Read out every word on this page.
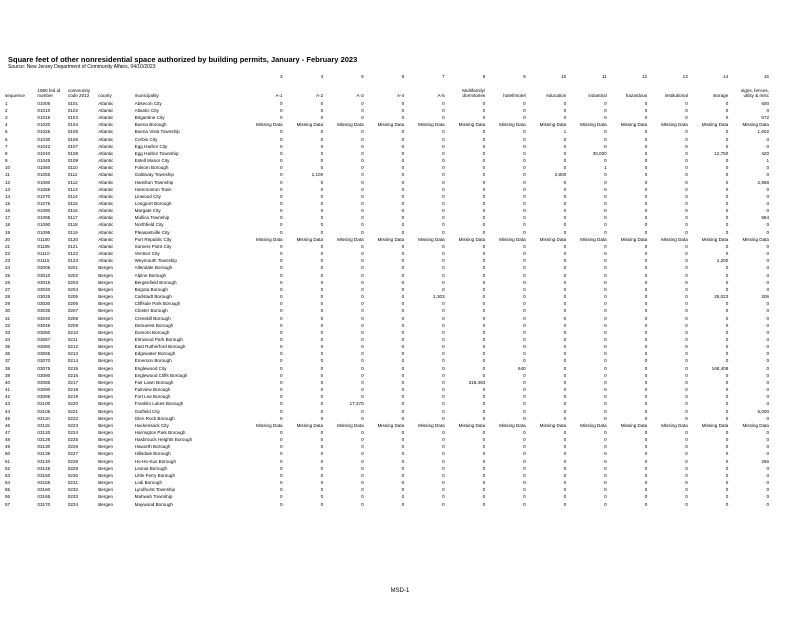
Square feet of other nonresidential space authorized by building permits, January - February 2023
Source: New Jersey Department of Community Affairs, 04/10/2023
					3	4	5	6	7	8	9	10	11	12	13	14	15
sequence	1980 fed id number	community code 2012	county	municipality	A-1	A-2	A-3	A-4	A-5	Multifamily/ dormitories	hotel/motel	education	industrial	hazardous	institutional	storage	signs, fences, utility & misc
1	01005	0101	Atlantic	Absecon City	0	0	0	0	0	0	0	0	0	0	0	0	600
2	01010	0102	Atlantic	Atlantic City	0	0	0	0	0	0	0	0	0	0	0	0	0
3	01015	0103	Atlantic	Brigantine City	0	0	0	0	0	0	0	0	0	0	0	0	672
4	01020	0104	Atlantic	Buena Borough	Missing Data	Missing Data	Missing Data	Missing Data	Missing Data	Missing Data	Missing Data	Missing Data	Missing Data	Missing Data	Missing Data	Missing Data	Missing Data
5	01025	0105	Atlantic	Buena Vista Township	0	0	0	0	0	0	0	1	0	0	0	0	1,602
6	01030	0106	Atlantic	Corbin City	0	0	0	0	0	0	0	0	0	0	0	0	0
7	01042	0107	Atlantic	Egg Harbor City	0	0	0	0	0	0	0	0	0	0	0	0	0
8	01040	0108	Atlantic	Egg Harbor Township	0	0	0	0	0	0	0	0	30,000	0	0	12,750	420
9	01045	0109	Atlantic	Estell Manor City	0	0	0	0	0	0	0	0	0	0	0	0	1
10	01050	0110	Atlantic	Folsom Borough	0	0	0	0	0	0	0	0	1	0	0	0	0
11	01055	0111	Atlantic	Galloway Township	0	1,100	0	0	0	0	0	2,800	0	0	0	0	0
12	01060	0112	Atlantic	Hamilton Township	0	0	0	0	0	0	0	0	0	0	0	0	2,968
13	01065	0113	Atlantic	Hammonton Town	0	0	0	0	0	0	0	0	0	0	0	0	0
14	01070	0114	Atlantic	Linwood City	0	0	0	0	0	0	0	0	0	0	0	0	0
15	01075	0115	Atlantic	Longport Borough	0	0	0	0	0	0	0	0	0	0	0	0	0
16	01080	0116	Atlantic	Margate City	0	0	0	0	0	0	0	0	0	0	0	0	0
17	01085	0117	Atlantic	Mullica Township	0	0	0	0	0	0	0	0	0	0	0	0	984
18	01090	0118	Atlantic	Northfield City	0	0	0	0	0	0	0	0	0	0	0	0	0
19	01095	0119	Atlantic	Pleasantville City	0	0	0	0	0	0	0	0	0	0	0	0	0
20	01100	0120	Atlantic	Port Republic City	Missing Data	Missing Data	Missing Data	Missing Data	Missing Data	Missing Data	Missing Data	Missing Data	Missing Data	Missing Data	Missing Data	Missing Data	Missing Data
21	01105	0121	Atlantic	Somers Point City	0	0	0	0	0	0	0	0	0	0	0	0	0
22	01110	0122	Atlantic	Ventnor City	0	0	0	0	0	0	0	0	0	0	0	0	0
23	01115	0123	Atlantic	Weymouth Township	0	0	0	0	0	0	0	0	0	0	0	1,200	0
24	03005	0201	Bergen	Allendale Borough	0	0	0	0	0	0	0	0	0	0	0	0	0
25	03010	0202	Bergen	Alpine Borough	0	0	0	0	0	0	0	0	0	0	0	0	0
26	03015	0203	Bergen	Bergenfield Borough	0	0	0	0	0	0	0	0	0	0	0	0	0
27	03020	0204	Bergen	Bogota Borough	0	0	0	0	0	0	0	0	0	0	0	0	0
28	03025	0205	Bergen	Carlstadt Borough	0	0	0	0	1,303	0	0	0	0	0	0	25,023	206
29	03030	0206	Bergen	Cliffside Park Borough	0	0	0	0	0	0	0	0	0	0	0	0	0
30	03035	0207	Bergen	Closter Borough	0	0	0	0	0	0	0	0	0	0	0	0	0
31	03040	0208	Bergen	Cresskill Borough	0	0	0	0	0	0	0	0	0	0	0	0	0
32	03045	0209	Bergen	Demarest Borough	0	0	0	0	0	0	0	0	0	0	0	0	0
33	03050	0210	Bergen	Dumont Borough	0	0	0	0	0	0	0	0	0	0	0	0	0
34	03067	0211	Bergen	Elmwood Park Borough	0	0	0	0	0	0	0	0	0	0	0	0	0
35	03060	0212	Bergen	East Rutherford Borough	0	0	0	0	0	0	0	0	0	0	0	0	0
36	03065	0213	Bergen	Edgewater Borough	0	0	0	0	0	0	0	0	0	0	0	0	0
37	03070	0214	Bergen	Emerson Borough	0	0	0	0	0	0	0	0	0	0	0	0	0
38	03075	0215	Bergen	Englewood City	0	0	0	0	0	0	640	0	0	0	0	168,408	0
39	03080	0216	Bergen	Englewood Cliffs Borough	0	0	0	0	0	0	0	0	0	0	0	0	0
40	03085	0217	Bergen	Fair Lawn Borough	0	0	0	0	0	315,493	0	0	0	0	0	0	0
41	03090	0218	Bergen	Fairview Borough	0	0	0	0	0	0	0	0	0	0	0	0	0
42	03095	0219	Bergen	Fort Lee Borough	0	0	0	0	0	0	0	0	0	0	0	0	0
43	03100	0220	Bergen	Franklin Lakes Borough	0	0	17,470	0	0	0	0	0	0	0	0	0	0
44	03105	0221	Bergen	Garfield City	0	0	0	0	0	0	0	0	0	0	0	0	5,000
45	03110	0222	Bergen	Glen Rock Borough	0	0	0	0	0	0	0	0	0	0	0	0	0
46	03115	0223	Bergen	Hackensack City	Missing Data	Missing Data	Missing Data	Missing Data	Missing Data	Missing Data	Missing Data	Missing Data	Missing Data	Missing Data	Missing Data	Missing Data	Missing Data
47	03120	0224	Bergen	Harrington Park Borough	0	0	0	0	0	0	0	0	0	0	0	0	0
48	03125	0225	Bergen	Hasbrouck Heights Borough	0	0	0	0	0	0	0	0	0	0	0	0	0
49	03130	0226	Bergen	Haworth Borough	0	0	0	0	0	0	0	0	0	0	0	0	0
50	03135	0227	Bergen	Hillsdale Borough	0	0	0	0	0	0	0	0	0	0	0	0	0
51	03140	0228	Bergen	Ho-Ho-Kus Borough	0	0	0	0	0	0	0	0	0	0	0	0	266
52	03145	0229	Bergen	Leonia Borough	0	0	0	0	0	0	0	0	0	0	0	0	0
53	03150	0230	Bergen	Little Ferry Borough	0	0	0	0	0	0	0	0	0	0	0	0	0
54	03155	0231	Bergen	Lodi Borough	0	0	0	0	0	0	0	0	0	0	0	0	0
55	03160	0232	Bergen	Lyndhurst Township	0	0	0	0	0	0	0	0	0	0	0	0	0
56	03165	0233	Bergen	Mahwah Township	0	0	0	0	0	0	0	0	0	0	0	0	0
57	03170	0234	Bergen	Maywood Borough	0	0	0	0	0	0	0	0	0	0	0	0	0
MSD-1
